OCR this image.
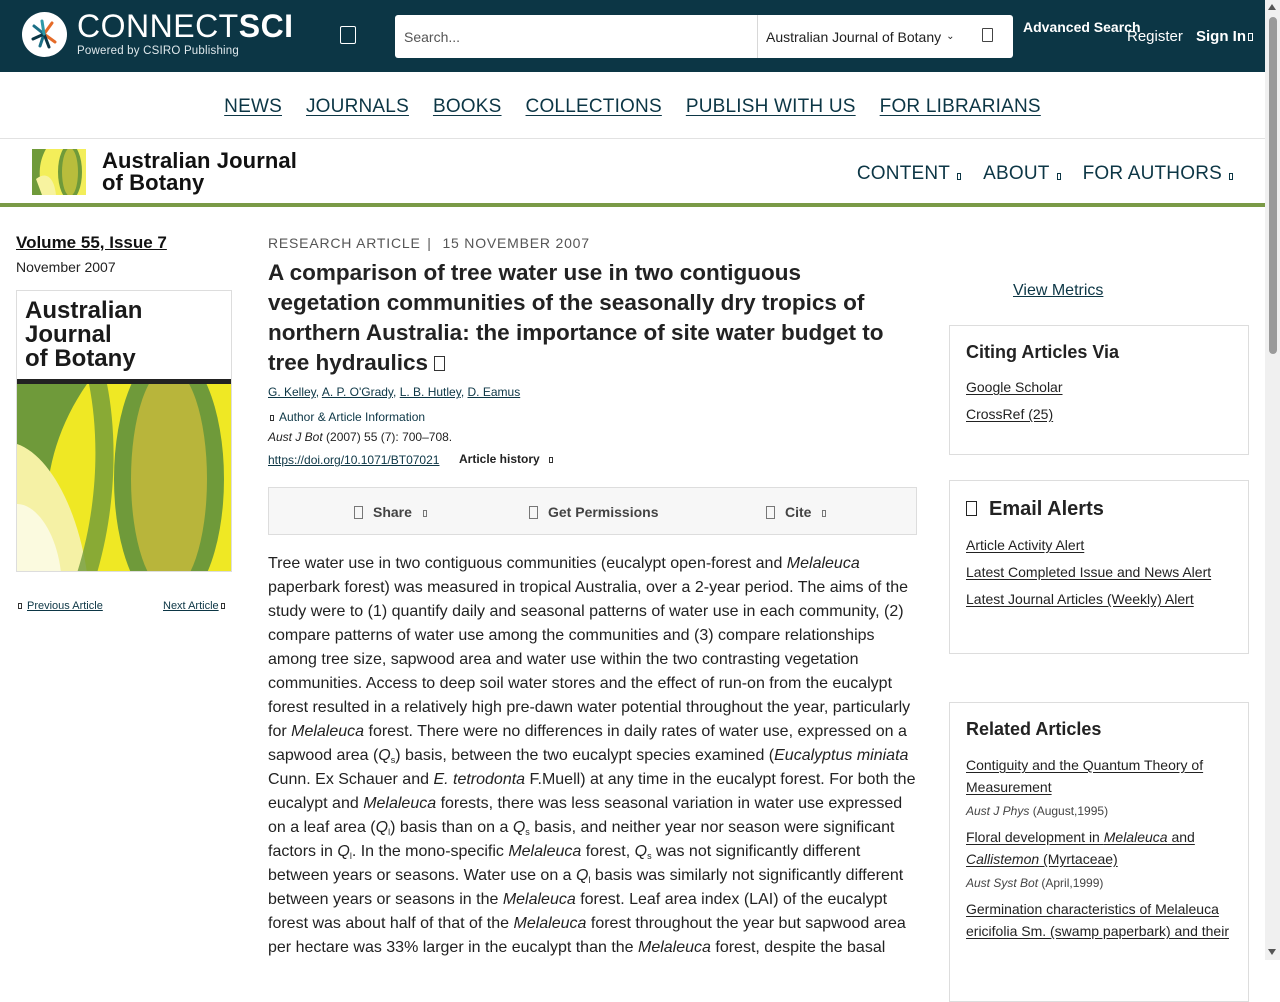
CONNECTSCI
Powered by CSIRO Publishing
Search...
Australian Journal of Botany ⌄
Advanced Search
Register Sign In
NEWS JOURNALS BOOKS COLLECTIONS PUBLISH WITH US FOR LIBRARIANS
Australian Journal
of Botany	CONTENT	ABOUT	FOR AUTHORS
Volume 55, Issue 7
November 2007
Australian
Journal
of Botany
Previous Article	Next Article
RESEARCH ARTICLE | 15 NOVEMBER 2007
A comparison of tree water use in two contiguous vegetation communities of the seasonally dry tropics of northern Australia: the importance of site water budget to tree hydraulics
G. Kelley, A. P. O'Grady, L. B. Hutley, D. Eamus
Author & Article Information
Aust J Bot (2007) 55 (7): 700–708.
https://doi.org/10.1071/BT07021 Article history
Share	Get Permissions	Cite
Tree water use in two contiguous communities (eucalypt open-forest and Melaleuca paperbark forest) was measured in tropical Australia, over a 2-year period. The aims of the study were to (1) quantify daily and seasonal patterns of water use in each community, (2) compare patterns of water use among the communities and (3) compare relationships among tree size, sapwood area and water use within the two contrasting vegetation communities. Access to deep soil water stores and the effect of run-on from the eucalypt forest resulted in a relatively high pre-dawn water potential throughout the year, particularly for Melaleuca forest. There were no differences in daily rates of water use, expressed on a sapwood area $(Q_s)$ basis, between the two eucalypt species examined (Eucalyptus miniata Cunn. Ex Schauer and E. tetrodonta F.Muell) at any time in the eucalypt forest. For both the eucalypt and Melaleuca forests, there was less seasonal variation in water use expressed on a leaf area $(Q_l)$ basis than on a $Q_s$ basis, and neither year nor season were significant factors in $Q_l$. In the mono-specific Melaleuca forest, $Q_s$ was not significantly different between years or seasons. Water use on a $Q_l$ basis was similarly not significantly different between years or seasons in the Melaleuca forest. Leaf area index (LAI) of the eucalypt forest was about half of that of the Melaleuca forest throughout the year but sapwood area per hectare was 33% larger in the eucalypt than the Melaleuca forest, despite the basal
View Metrics
Citing Articles Via
Google Scholar
CrossRef (25)
Email Alerts
Article Activity Alert
Latest Completed Issue and News Alert
Latest Journal Articles (Weekly) Alert
Related Articles
Contiguity and the Quantum Theory of Measurement
Aust J Phys (August,1995)
Floral development in Melaleuca and Callistemon (Myrtaceae)
Aust Syst Bot (April,1999)
Germination characteristics of Melaleuca ericifolia Sm. (swamp paperbark) and their
